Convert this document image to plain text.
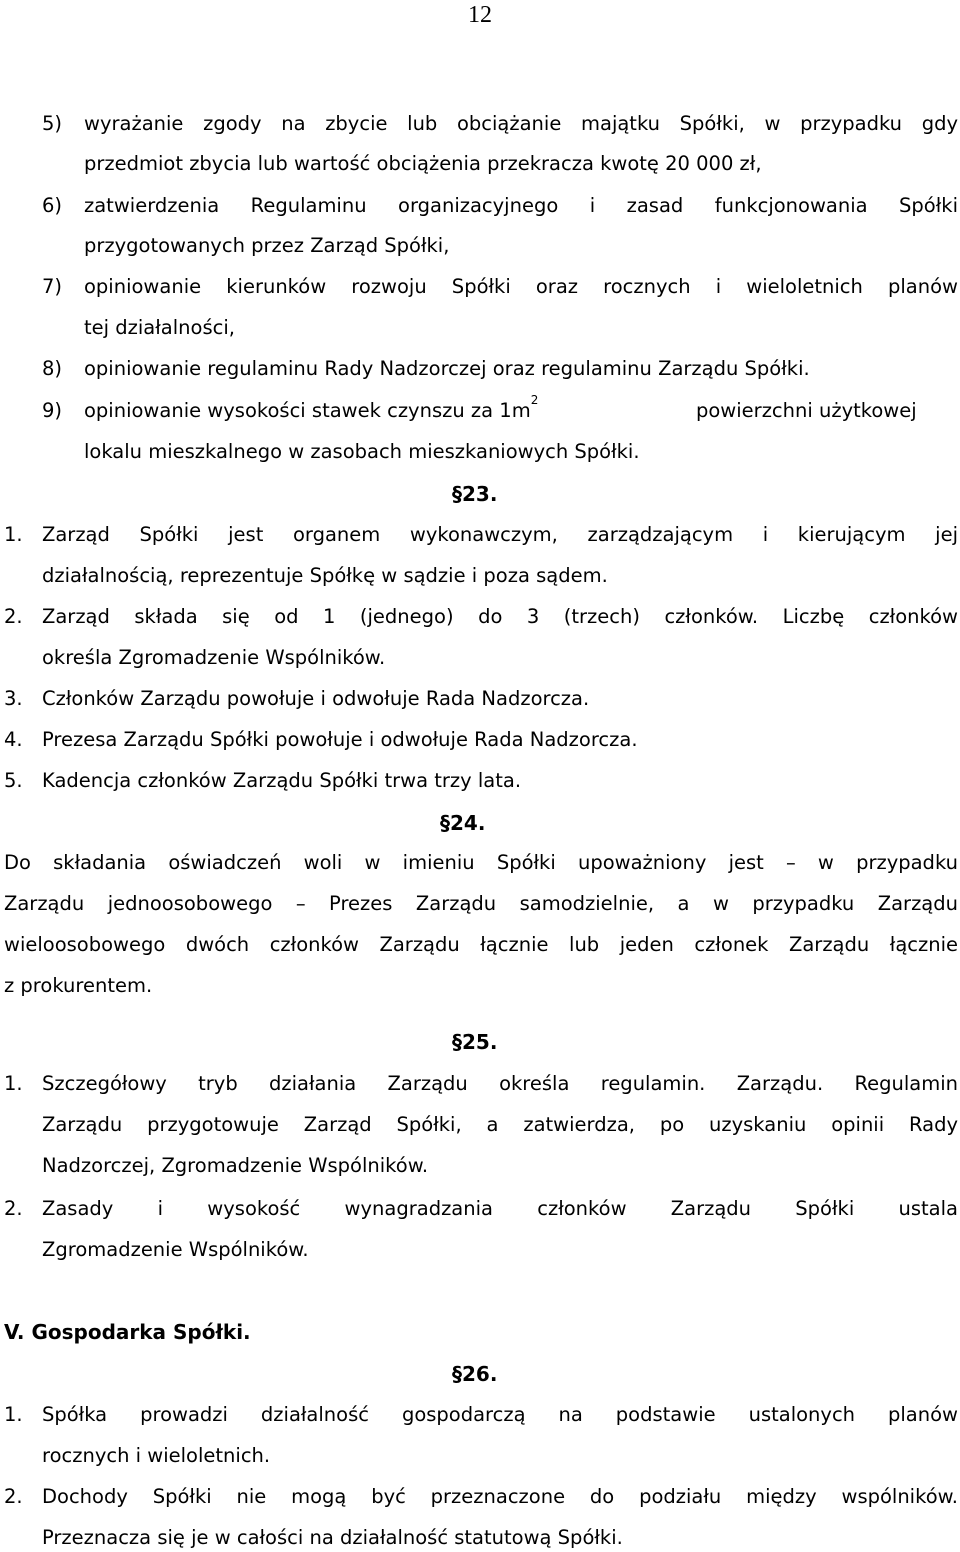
12
5) wyrażanie zgody na zbycie lub obciążanie majątku Spółki, w przypadku gdy
przedmiot zbycia lub wartość obciążenia przekracza kwotę 20 000 zł,
6) zatwierdzenia Regulaminu organizacyjnego i zasad funkcjonowania Spółki
przygotowanych przez Zarząd Spółki,
7) opiniowanie kierunków rozwoju Spółki oraz rocznych i wieloletnich planów
tej działalności,
8) opiniowanie regulaminu Rady Nadzorczej oraz regulaminu Zarządu Spółki.
9) opiniowanie wysokości stawek czynszu za $1m^2$	powierzchni użytkowej
lokalu mieszkalnego w zasobach mieszkaniowych Spółki.
§23.
1. Zarząd Spółki jest organem wykonawczym, zarządzającym i kierującym jej
działalnością, reprezentuje Spółkę w sądzie i poza sądem.
2. Zarząd składa się od 1 (jednego) do 3 (trzech) członków. Liczbę członków
określa Zgromadzenie Wspólników.
3. Członków Zarządu powołuje i odwołuje Rada Nadzorcza.
4. Prezesa Zarządu Spółki powołuje i odwołuje Rada Nadzorcza.
5. Kadencja członków Zarządu Spółki trwa trzy lata.
§24.
Do składania oświadczeń woli w imieniu Spółki upoważniony jest – w przypadku
Zarządu jednoosobowego – Prezes Zarządu samodzielnie, a w przypadku Zarządu
wieloosobowego dwóch członków Zarządu łącznie lub jeden członek Zarządu łącznie
z prokurentem.
§25.
1. Szczegółowy tryb działania Zarządu określa regulamin. Zarządu. Regulamin
Zarządu przygotowuje Zarząd Spółki, a zatwierdza, po uzyskaniu opinii Rady
Nadzorczej, Zgromadzenie Wspólników.
2. Zasady i wysokość wynagradzania członków Zarządu Spółki ustala
Zgromadzenie Wspólników.
V. Gospodarka Spółki.
§26.
1. Spółka prowadzi działalność gospodarczą na podstawie ustalonych planów
rocznych i wieloletnich.
2. Dochody Spółki nie mogą być przeznaczone do podziału między wspólników.
Przeznacza się je w całości na działalność statutową Spółki.
